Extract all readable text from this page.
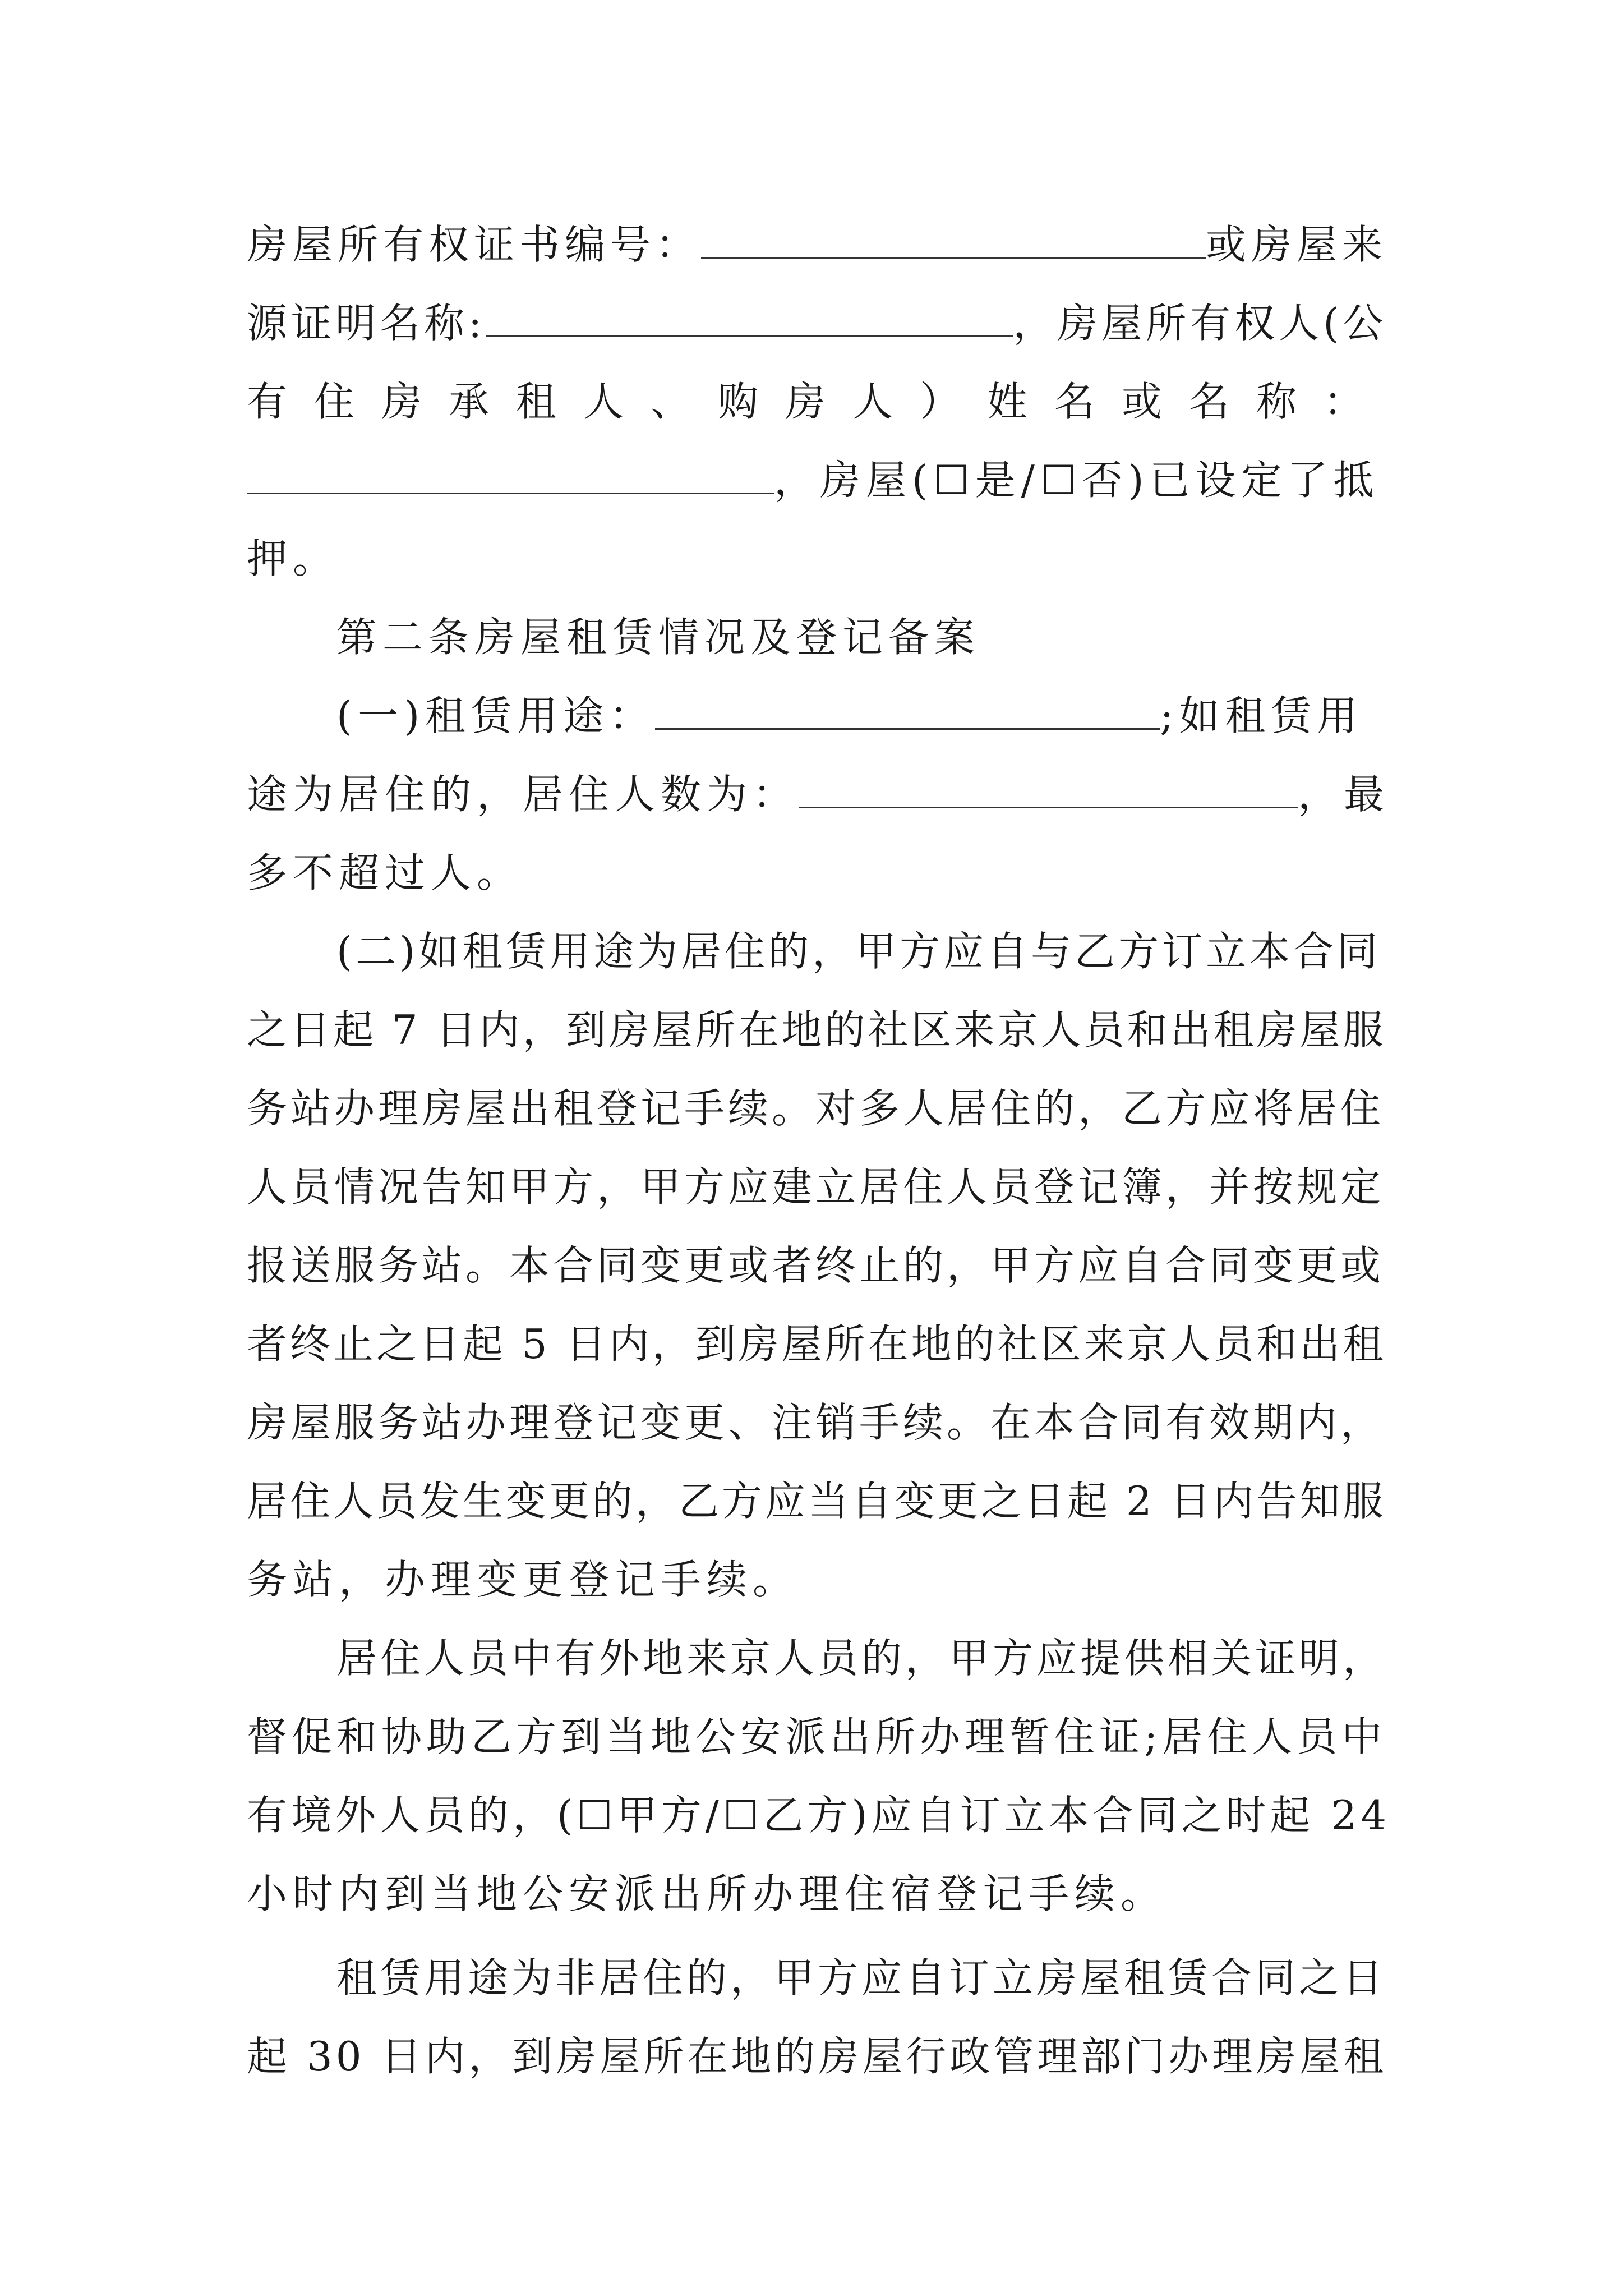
房屋所有权证书编号：	或房屋来
源证明名称:	，房屋所有权人(公
有住房承租人、购房人）姓名或名称：
，房屋(☐是/☐否)已设定了抵
押。
第二条房屋租赁情况及登记备案
(一)租赁用途：	;如租赁用
途为居住的，居住人数为：	，最
多不超过人。
(二)如租赁用途为居住的，甲方应自与乙方订立本合同
之日起 7 日内，到房屋所在地的社区来京人员和出租房屋服
务站办理房屋出租登记手续。对多人居住的，乙方应将居住
人员情况告知甲方，甲方应建立居住人员登记簿，并按规定
报送服务站。本合同变更或者终止的，甲方应自合同变更或
者终止之日起 5 日内，到房屋所在地的社区来京人员和出租
房屋服务站办理登记变更、注销手续。在本合同有效期内，
居住人员发生变更的，乙方应当自变更之日起 2 日内告知服
务站，办理变更登记手续。
居住人员中有外地来京人员的，甲方应提供相关证明，
督促和协助乙方到当地公安派出所办理暂住证;居住人员中
有境外人员的，(☐甲方/☐乙方)应自订立本合同之时起 24
小时内到当地公安派出所办理住宿登记手续。
租赁用途为非居住的，甲方应自订立房屋租赁合同之日
起 30 日内，到房屋所在地的房屋行政管理部门办理房屋租
